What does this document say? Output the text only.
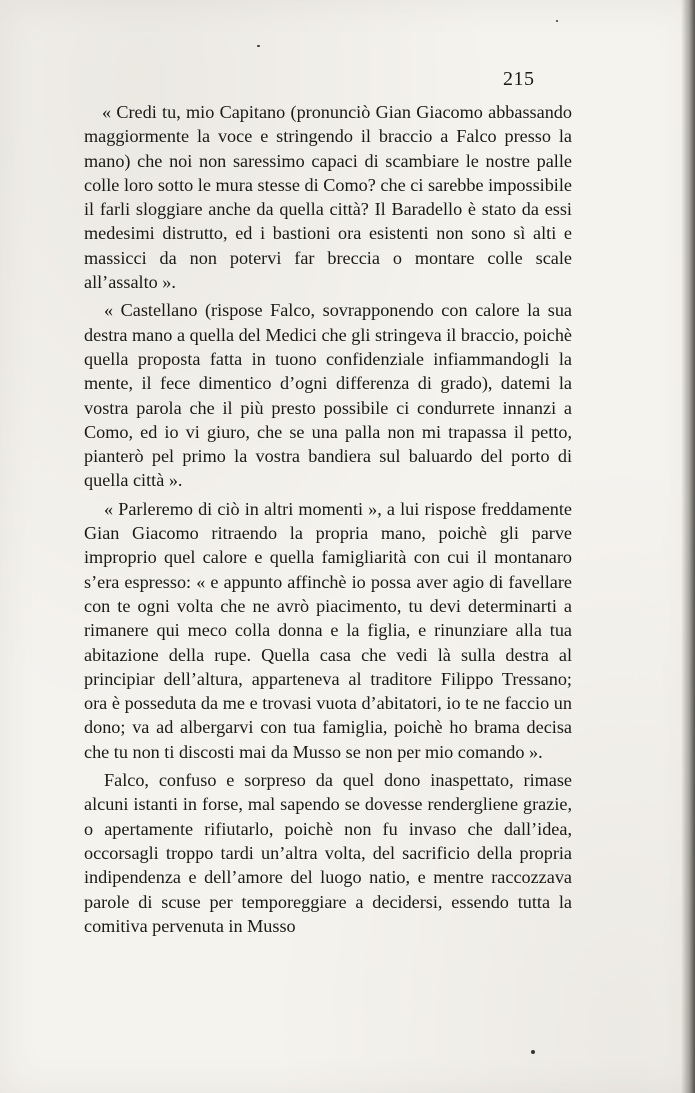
215

« Credi tu, mio Capitano (pronunciò Gian Giacomo abbassando maggiormente la voce e stringendo il braccio a Falco presso la mano) che noi non saressimo capaci di scambiare le nostre palle colle loro sotto le mura stesse di Como? che ci sarebbe impossibile il farli sloggiare anche da quella città? Il Baradello è stato da essi medesimi distrutto, ed i bastioni ora esistenti non sono sì alti e massicci da non potervi far breccia o montare colle scale all’assalto ».

« Castellano (rispose Falco, sovrapponendo con calore la sua destra mano a quella del Medici che gli stringeva il braccio, poichè quella proposta fatta in tuono confidenziale infiammandogli la mente, il fece dimentico d’ogni differenza di grado), datemi la vostra parola che il più presto possibile ci condurrete innanzi a Como, ed io vi giuro, che se una palla non mi trapassa il petto, pianterò pel primo la vostra bandiera sul baluardo del porto di quella città ».

« Parleremo di ciò in altri momenti », a lui rispose freddamente Gian Giacomo ritraendo la propria mano, poichè gli parve improprio quel calore e quella famigliarità con cui il montanaro s’era espresso: « e appunto affinchè io possa aver agio di favellare con te ogni volta che ne avrò piacimento, tu devi determinarti a rimanere qui meco colla donna e la figlia, e rinunziare alla tua abitazione della rupe. Quella casa che vedi là sulla destra al principiar dell’altura, apparteneva al traditore Filippo Tressano; ora è posseduta da me e trovasi vuota d’abitatori, io te ne faccio un dono; va ad albergarvi con tua famiglia, poichè ho brama decisa che tu non ti discosti mai da Musso se non per mio comando ».

Falco, confuso e sorpreso da quel dono inaspettato, rimase alcuni istanti in forse, mal sapendo se dovesse rendergliene grazie, o apertamente rifiutarlo, poichè non fu invaso che dall’idea, occorsagli troppo tardi un’altra volta, del sacrificio della propria indipendenza e dell’amore del luogo natio, e mentre raccozzava parole di scuse per temporeggiare a decidersi, essendo tutta la comitiva pervenuta in Musso
